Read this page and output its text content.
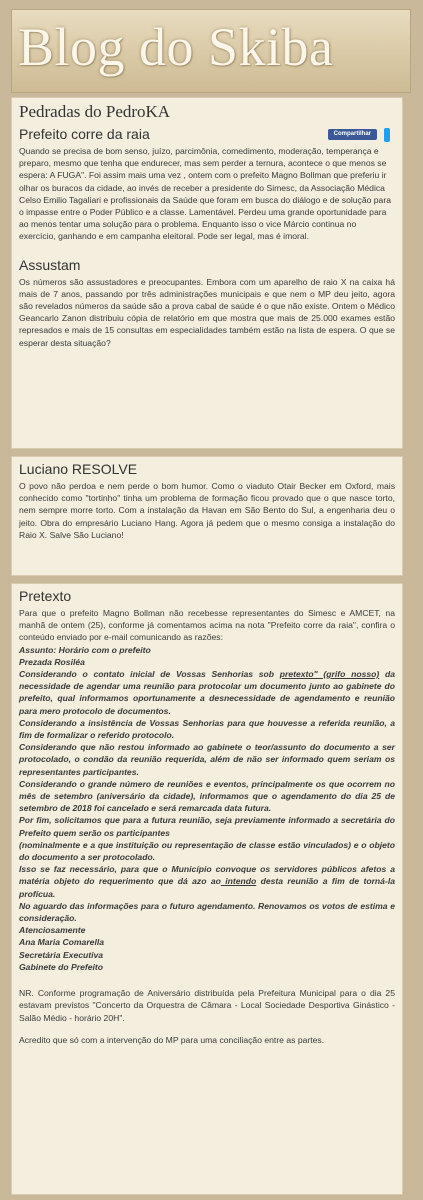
Blog do Skiba
Pedradas do PedroKA
Prefeito corre da raia	Compartilhar

Quando se precisa de bom senso, juízo, parcimônia, comedimento, moderação, temperança e preparo, mesmo que tenha que endurecer, mas sem perder a ternura, acontece o que menos se espera: A FUGA". Foi assim mais uma vez , ontem com o prefeito Magno Bollman que preferiu ir olhar os buracos da cidade, ao invés de receber a presidente do Simesc, da Associação Médica Celso Emilio Tagaliari e profissionais da Saúde que foram em busca do diálogo e de solução para o impasse entre o Poder Público e a classe. Lamentável. Perdeu uma grande oportunidade para ao menos tentar uma solução para o problema. Enquanto isso o vice Márcio continua no exercício, ganhando e em campanha eleitoral. Pode ser legal, mas é imoral.

Assustam

Os números são assustadores e preocupantes. Embora com um aparelho de raio X na caixa há mais de 7 anos, passando por três administrações municipais e que nem o MP deu jeito, agora são revelados números da saúde são a prova cabal de saúde é o que não existe. Ontem o Médico Geancarlo Zanon distribuiu cópia de relatório em que mostra que mais de 25.000 exames estão represados e mais de 15 consultas em especialidades também estão na lista de espera. O que se esperar desta situação?

Luciano RESOLVE

O povo não perdoa e nem perde o bom humor. Como o viaduto Otair Becker em Oxford, mais conhecido como "tortinho" tinha um problema de formação ficou provado que o que nasce torto, nem sempre morre torto. Com a instalação da Havan em São Bento do Sul, a engenharia deu o jeito. Obra do empresário Luciano Hang. Agora já pedem que o mesmo consiga a instalação do Raio X. Salve São Luciano!

Pretexto

Para que o prefeito Magno Bollman não recebesse representantes do Simesc e AMCET, na manhã de ontem (25), conforme já comentamos acima na nota "Prefeito corre da raia", confira o conteúdo enviado por e-mail comunicando as razões:

Assunto: Horário com o prefeito

Prezada Rosiléa

Considerando o contato inicial de Vossas Senhorias sob pretexto" (grifo nosso) da necessidade de agendar uma reunião para protocolar um documento junto ao gabinete do prefeito, qual informamos oportunamente a desnecessidade de agendamento e reunião para mero protocolo de documentos.

Considerando a insistência de Vossas Senhorias para que houvesse a referida reunião, a fim de formalizar o referido protocolo.

Considerando que não restou informado ao gabinete o teor/assunto do documento a ser protocolado, o condão da reunião requerida, além de não ser informado quem seriam os representantes participantes.

Considerando o grande número de reuniões e eventos, principalmente os que ocorrem no mês de setembro (aniversário da cidade), informamos que o agendamento do dia 25 de setembro de 2018 foi cancelado e será remarcada data futura.

Por fim, solicitamos que para a futura reunião, seja previamente informado a secretária do Prefeito quem serão os participantes

(nominalmente e a que instituição ou representação de classe estão vinculados) e o objeto do documento a ser protocolado.

Isso se faz necessário, para que o Município convoque os servidores públicos afetos a matéria objeto do requerimento que dá azo ao intendo desta reunião a fim de torná-la profícua.

No aguardo das informações para o futuro agendamento. Renovamos os votos de estima e consideração.

Atenciosamente

Ana Maria Comarella

Secretária Executiva

Gabinete do Prefeito

NR. Conforme programação de Aniversário distribuída pela Prefeitura Municipal para o dia 25 estavam previstos "Concerto da Orquestra de Câmara - Local Sociedade Desportiva Ginástico - Salão Médio - horário 20H".

Acredito que só com a intervenção do MP para uma conciliação entre as partes.
